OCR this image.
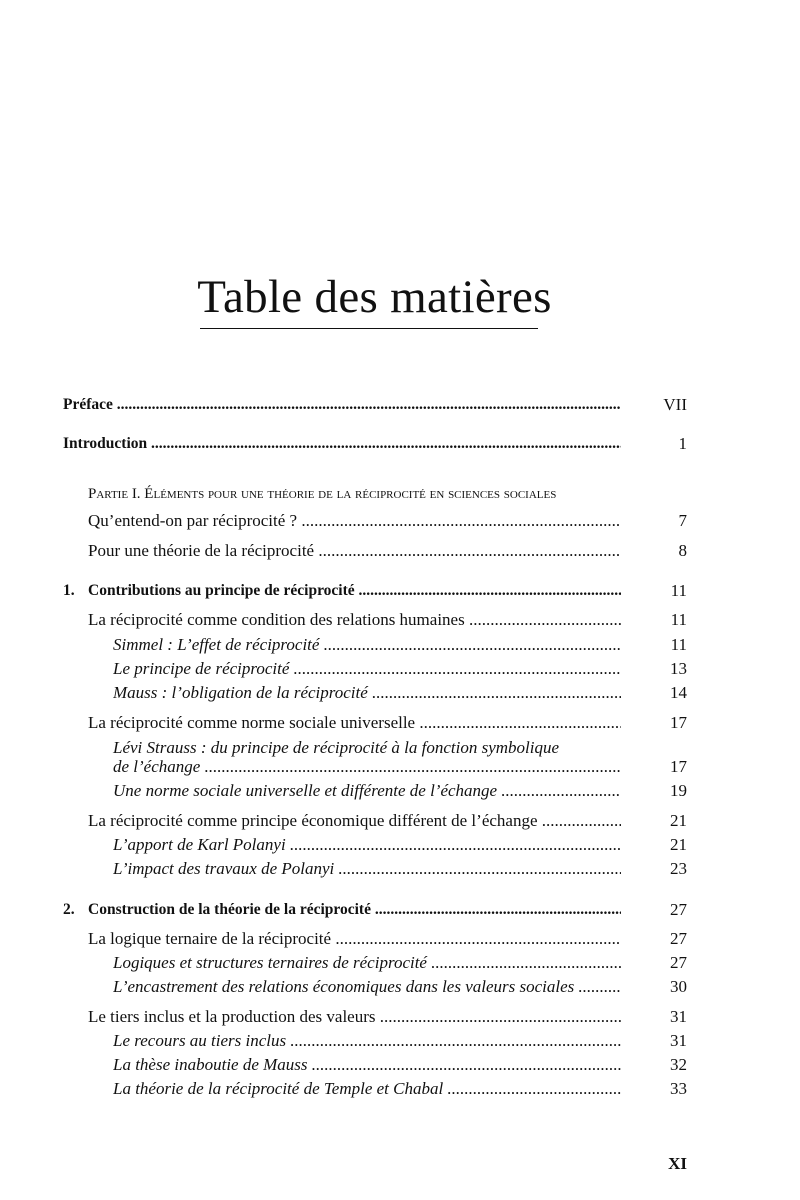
Table des matières
Préface .....	VII
Introduction .....	1
Partie I. Éléments pour une théorie de la réciprocité en sciences sociales
Qu’entend-on par réciprocité ? .....	7
Pour une théorie de la réciprocité .....	8
1. Contributions au principe de réciprocité .....	11
La réciprocité comme condition des relations humaines .....	11
Simmel : L’effet de réciprocité .....	11
Le principe de réciprocité .....	13
Mauss : l’obligation de la réciprocité .....	14
La réciprocité comme norme sociale universelle .....	17
Lévi Strauss : du principe de réciprocité à la fonction symbolique
de l’échange .....	17
Une norme sociale universelle et différente de l’échange .....	19
La réciprocité comme principe économique différent de l’échange .....	21
L’apport de Karl Polanyi .....	21
L’impact des travaux de Polanyi .....	23
2. Construction de la théorie de la réciprocité .....	27
La logique ternaire de la réciprocité .....	27
Logiques et structures ternaires de réciprocité .....	27
L’encastrement des relations économiques dans les valeurs sociales .....	30
Le tiers inclus et la production des valeurs .....	31
Le recours au tiers inclus .....	31
La thèse inaboutie de Mauss .....	32
La théorie de la réciprocité de Temple et Chabal .....	33
XI
